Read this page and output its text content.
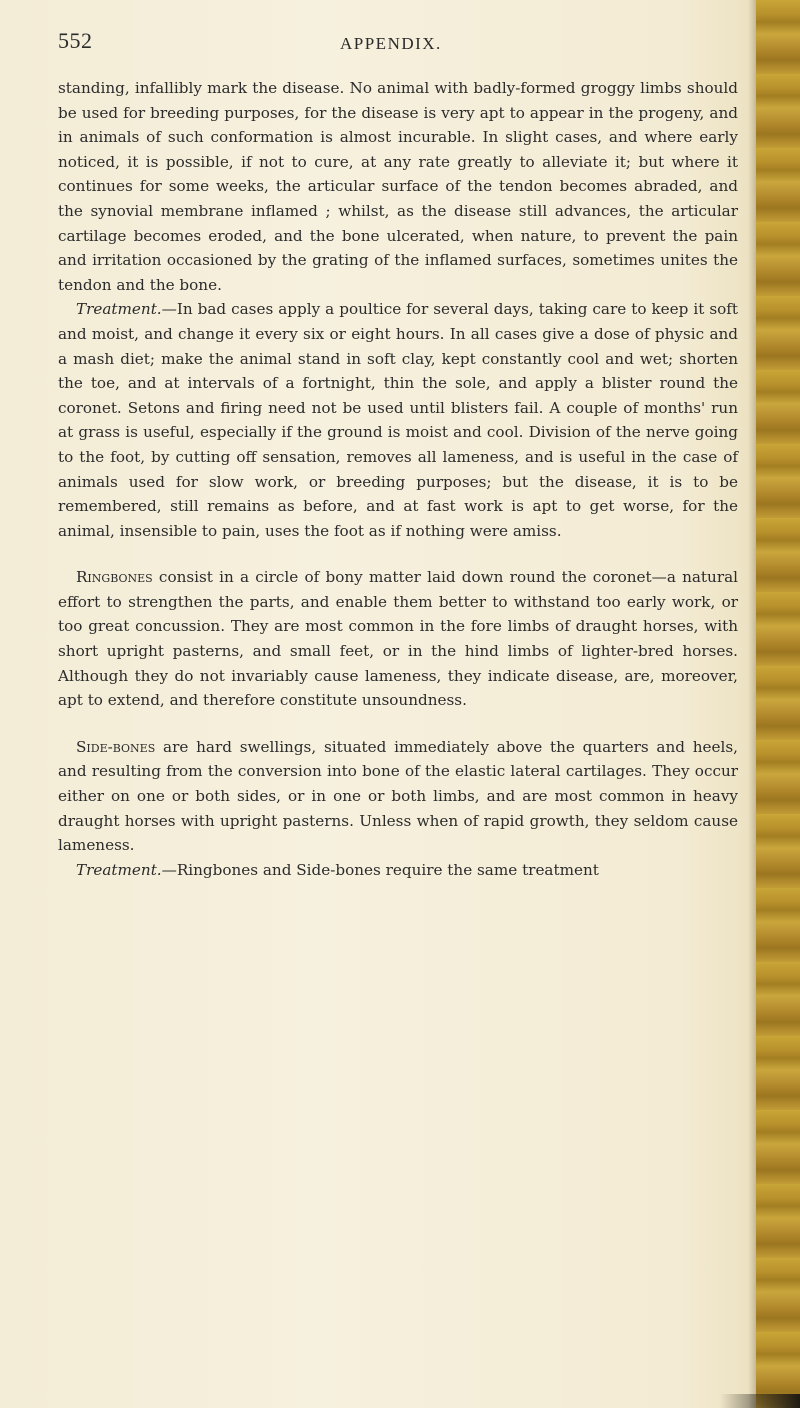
552	APPENDIX.

standing, infallibly mark the disease. No animal with badly-formed groggy limbs should be used for breeding purposes, for the disease is very apt to appear in the progeny, and in animals of such conformation is almost incurable. In slight cases, and where early noticed, it is possible, if not to cure, at any rate greatly to alleviate it; but where it continues for some weeks, the articular surface of the tendon becomes abraded, and the synovial membrane inflamed ; whilst, as the disease still advances, the articular cartilage becomes eroded, and the bone ulcerated, when nature, to prevent the pain and irritation occasioned by the grating of the inflamed surfaces, sometimes unites the tendon and the bone.

Treatment.—In bad cases apply a poultice for several days, taking care to keep it soft and moist, and change it every six or eight hours. In all cases give a dose of physic and a mash diet; make the animal stand in soft clay, kept constantly cool and wet; shorten the toe, and at intervals of a fortnight, thin the sole, and apply a blister round the coronet. Setons and firing need not be used until blisters fail. A couple of months' run at grass is useful, especially if the ground is moist and cool. Division of the nerve going to the foot, by cutting off sensation, removes all lameness, and is useful in the case of animals used for slow work, or breeding purposes; but the disease, it is to be remembered, still remains as before, and at fast work is apt to get worse, for the animal, insensible to pain, uses the foot as if nothing were amiss.

Ringbones consist in a circle of bony matter laid down round the coronet—a natural effort to strengthen the parts, and enable them better to withstand too early work, or too great concussion. They are most common in the fore limbs of draught horses, with short upright pasterns, and small feet, or in the hind limbs of lighter-bred horses. Although they do not invariably cause lameness, they indicate disease, are, moreover, apt to extend, and therefore constitute unsoundness.

Side-bones are hard swellings, situated immediately above the quarters and heels, and resulting from the conversion into bone of the elastic lateral cartilages. They occur either on one or both sides, or in one or both limbs, and are most common in heavy draught horses with upright pasterns. Unless when of rapid growth, they seldom cause lameness.

Treatment.—Ringbones and Side-bones require the same treatment
